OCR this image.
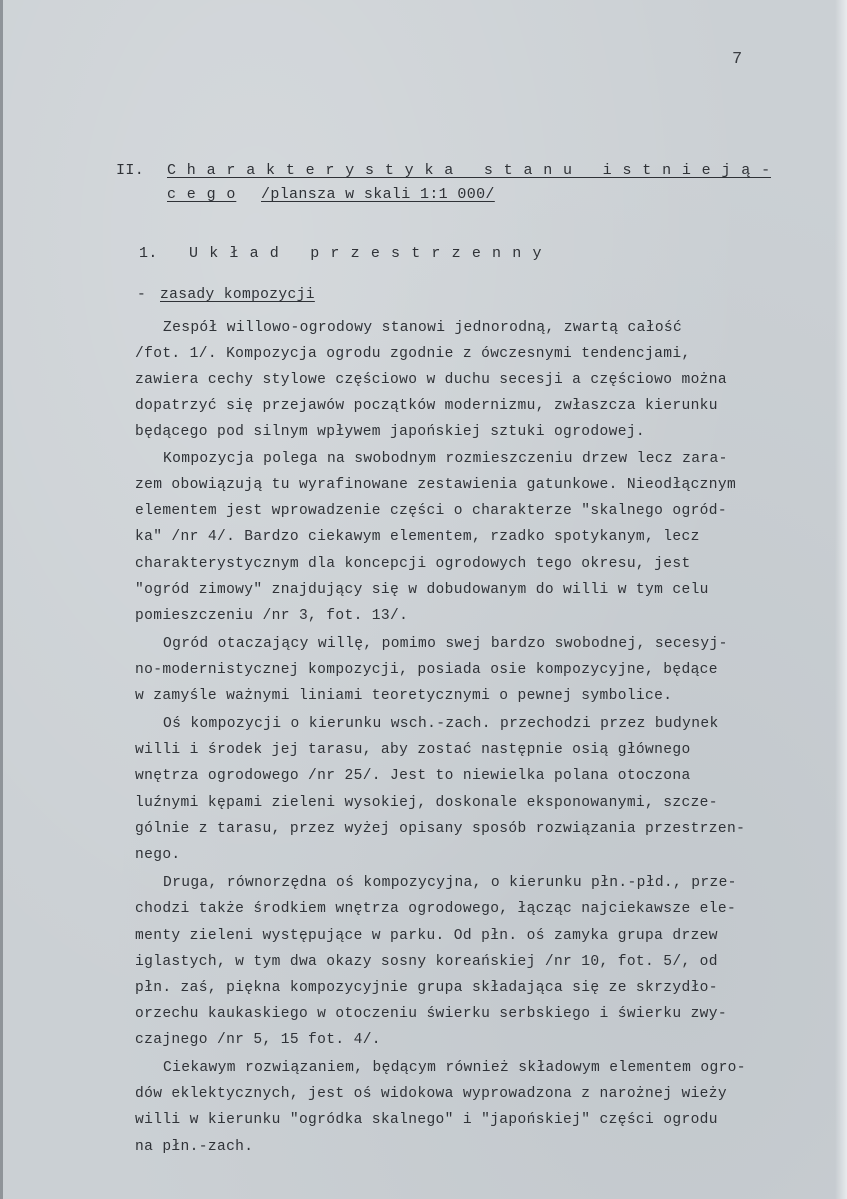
7
II. C h a r a k t e r y s t y k a   s t a n u   i s t n i e j ą -
c e g o /plansza w skali 1:1 000/
1. U k ł a d   p r z e s t r z e n n y
- zasady kompozycji
Zespół willowo-ogrodowy stanowi jednorodną, zwartą całość
/fot. 1/. Kompozycja ogrodu zgodnie z ówczesnymi tendencjami,
zawiera cechy stylowe częściowo w duchu secesji a częściowo można
dopatrzyć się przejawów początków modernizmu, zwłaszcza kierunku
będącego pod silnym wpływem japońskiej sztuki ogrodowej.
Kompozycja polega na swobodnym rozmieszczeniu drzew lecz zara-
zem obowiązują tu wyrafinowane zestawienia gatunkowe. Nieodłącznym
elementem jest wprowadzenie części o charakterze "skalnego ogród-
ka" /nr 4/. Bardzo ciekawym elementem, rzadko spotykanym, lecz
charakterystycznym dla koncepcji ogrodowych tego okresu, jest
"ogród zimowy" znajdujący się w dobudowanym do willi w tym celu
pomieszczeniu /nr 3, fot. 13/.
Ogród otaczający willę, pomimo swej bardzo swobodnej, secesyj-
no-modernistycznej kompozycji, posiada osie kompozycyjne, będące
w zamyśle ważnymi liniami teoretycznymi o pewnej symbolice.
Oś kompozycji o kierunku wsch.-zach. przechodzi przez budynek
willi i środek jej tarasu, aby zostać następnie osią głównego
wnętrza ogrodowego /nr 25/. Jest to niewielka polana otoczona
luźnymi kępami zieleni wysokiej, doskonale eksponowanymi, szcze-
gólnie z tarasu, przez wyżej opisany sposób rozwiązania przestrzen-
nego.
Druga, równorzędna oś kompozycyjna, o kierunku płn.-płd., prze-
chodzi także środkiem wnętrza ogrodowego, łącząc najciekawsze ele-
menty zieleni występujące w parku. Od płn. oś zamyka grupa drzew
iglastych, w tym dwa okazy sosny koreańskiej /nr 10, fot. 5/, od
płn. zaś, piękna kompozycyjnie grupa składająca się ze skrzydło-
orzechu kaukaskiego w otoczeniu świerku serbskiego i świerku zwy-
czajnego /nr 5, 15 fot. 4/.
Ciekawym rozwiązaniem, będącym również składowym elementem ogro-
dów eklektycznych, jest oś widokowa wyprowadzona z narożnej wieży
willi w kierunku "ogródka skalnego" i "japońskiej" części ogrodu
na płn.-zach.
